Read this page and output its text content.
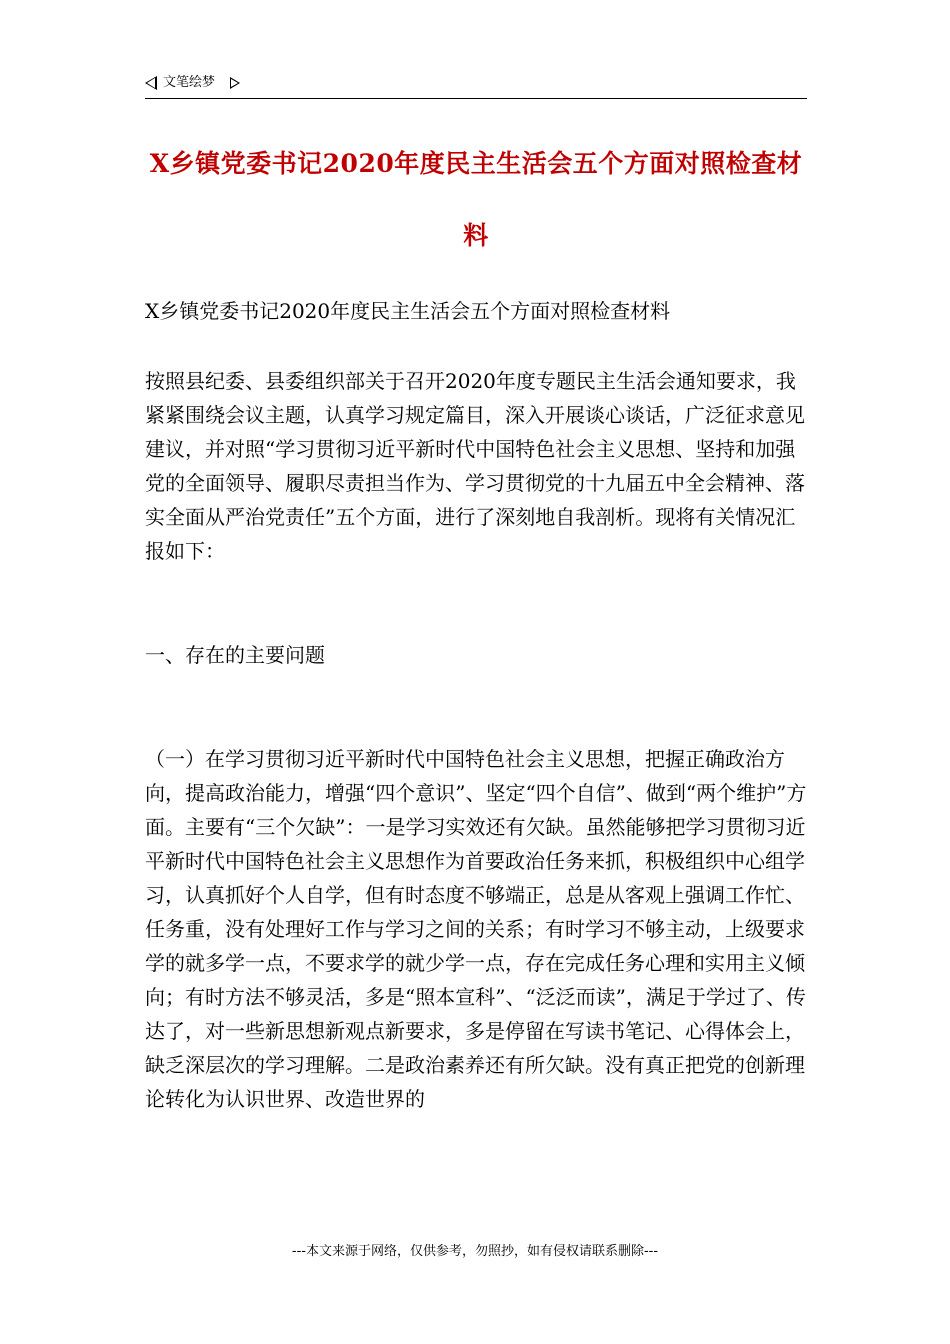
文笔绘梦
X乡镇党委书记2020年度民主生活会五个方面对照检查材料

X乡镇党委书记2020年度民主生活会五个方面对照检查材料

按照县纪委、县委组织部关于召开2020年度专题民主生活会通知要求，我紧紧围绕会议主题，认真学习规定篇目，深入开展谈心谈话，广泛征求意见建议，并对照“学习贯彻习近平新时代中国特色社会主义思想、坚持和加强党的全面领导、履职尽责担当作为、学习贯彻党的十九届五中全会精神、落实全面从严治党责任”五个方面，进行了深刻地自我剖析。现将有关情况汇报如下：

一、存在的主要问题

（一）在学习贯彻习近平新时代中国特色社会主义思想，把握正确政治方向，提高政治能力，增强“四个意识”、坚定“四个自信”、做到“两个维护”方面。主要有“三个欠缺”：一是学习实效还有欠缺。虽然能够把学习贯彻习近平新时代中国特色社会主义思想作为首要政治任务来抓，积极组织中心组学习，认真抓好个人自学，但有时态度不够端正，总是从客观上强调工作忙、任务重，没有处理好工作与学习之间的关系；有时学习不够主动，上级要求学的就多学一点，不要求学的就少学一点，存在完成任务心理和实用主义倾向；有时方法不够灵活，多是“照本宣科”、“泛泛而读”，满足于学过了、传达了，对一些新思想新观点新要求，多是停留在写读书笔记、心得体会上，缺乏深层次的学习理解。二是政治素养还有所欠缺。没有真正把党的创新理论转化为认识世界、改造世界的

---本文来源于网络，仅供参考，勿照抄，如有侵权请联系删除---
